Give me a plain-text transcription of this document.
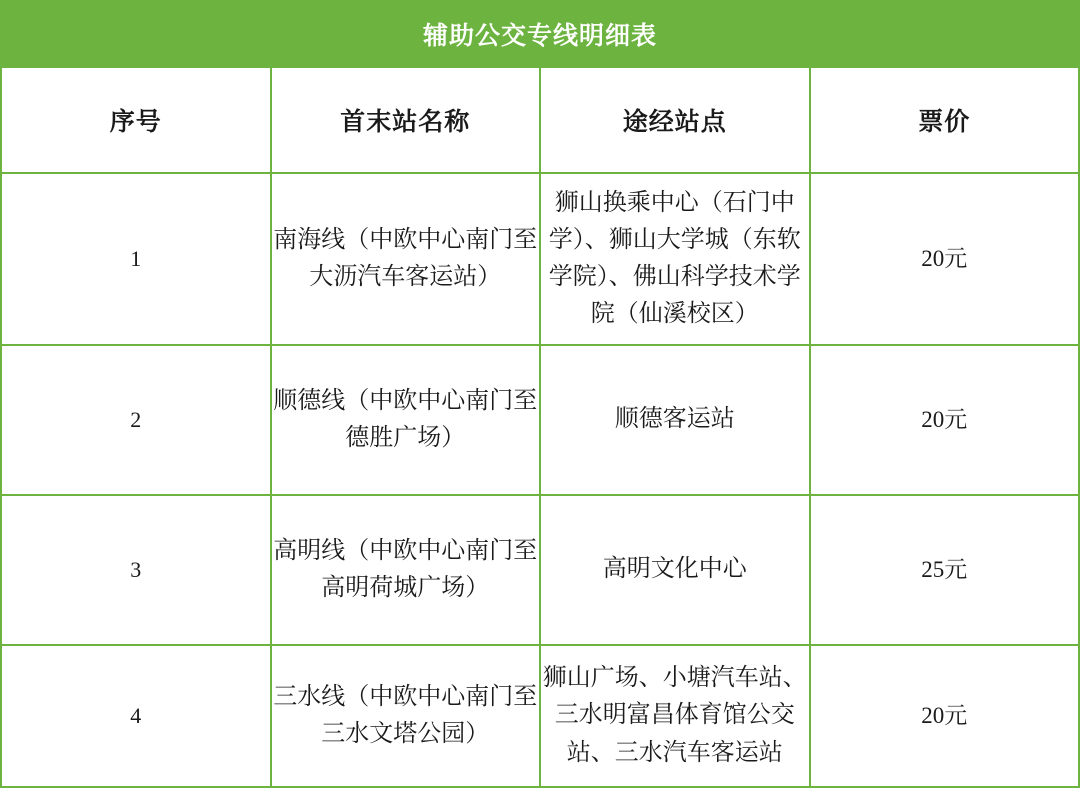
辅助公交专线明细表			
序号	首末站名称	途经站点	票价
1	南海线（中欧中心南门至大沥汽车客运站）	狮山换乘中心（石门中学）、狮山大学城（东软学院）、佛山科学技术学院（仙溪校区）	20元
2	顺德线（中欧中心南门至德胜广场）	顺德客运站	20元
3	高明线（中欧中心南门至高明荷城广场）	高明文化中心	25元
4	三水线（中欧中心南门至三水文塔公园）	狮山广场、小塘汽车站、三水明富昌体育馆公交站、三水汽车客运站	20元
